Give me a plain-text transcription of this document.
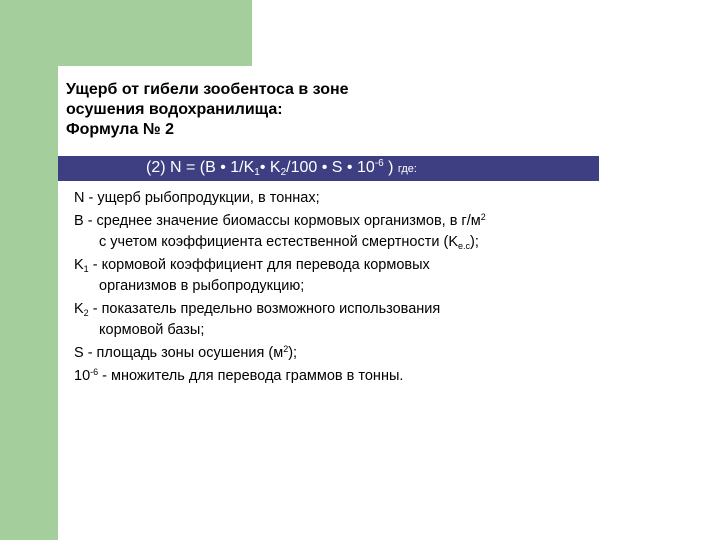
Ущерб от гибели зообентоса в зоне
осушения водохранилища:
Формула № 2
(2) N = (B • $1/K_1•$ $K_2/100$ • S • $10^{-6}$ ) где:
N - ущерб рыбопродукции, в тоннах;
B - среднее значение биомассы кормовых организмов, в $г/м^2$
с учетом коэффициента естественной смертности $(K_{e.c})$;
$K_1$ - кормовой коэффициент для перевода кормовых
организмов в рыбопродукцию;
$K_2$ - показатель предельно возможного использования
кормовой базы;
S - площадь зоны осушения $(м^2)$;
$10^{-6}$ - множитель для перевода граммов в тонны.
